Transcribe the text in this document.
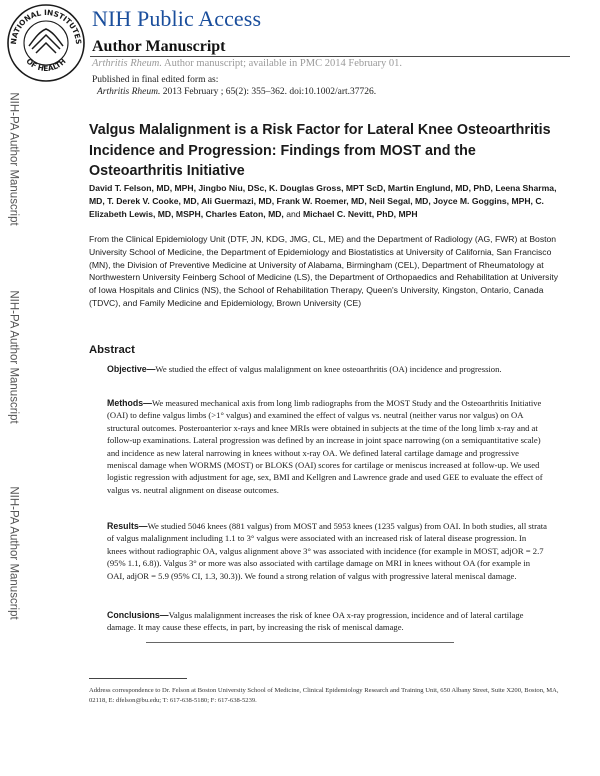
NATIONAL INSTITUTES
OF HEALTH
NIH Public Access
Author Manuscript
Arthritis Rheum. Author manuscript; available in PMC 2014 February 01.
Published in final edited form as:
Arthritis Rheum. 2013 February ; 65(2): 355–362. doi:10.1002/art.37726.
NIH-PA Author Manuscript
NIH-PA Author Manuscript
NIH-PA Author Manuscript
Valgus Malalignment is a Risk Factor for Lateral Knee Osteoarthritis Incidence and Progression: Findings from MOST and the Osteoarthritis Initiative
David T. Felson, MD, MPH, Jingbo Niu, DSc, K. Douglas Gross, MPT ScD, Martin Englund, MD, PhD, Leena Sharma, MD, T. Derek V. Cooke, MD, Ali Guermazi, MD, Frank W. Roemer, MD, Neil Segal, MD, Joyce M. Goggins, MPH, C. Elizabeth Lewis, MD, MSPH, Charles Eaton, MD, and Michael C. Nevitt, PhD, MPH
From the Clinical Epidemiology Unit (DTF, JN, KDG, JMG, CL, ME) and the Department of Radiology (AG, FWR) at Boston University School of Medicine, the Department of Epidemiology and Biostatistics at University of California, San Francisco (MN), the Division of Preventive Medicine at University of Alabama, Birmingham (CEL), Department of Rheumatology at Northwestern University Feinberg School of Medicine (LS), the Department of Orthopaedics and Rehabilitation at University of Iowa Hospitals and Clinics (NS), the School of Rehabilitation Therapy, Queen's University, Kingston, Ontario, Canada (TDVC), and Family Medicine and Epidemiology, Brown University (CE)
Abstract
Objective—We studied the effect of valgus malalignment on knee osteoarthritis (OA) incidence and progression.
Methods—We measured mechanical axis from long limb radiographs from the MOST Study and the Osteoarthritis Initiative (OAI) to define valgus limbs (>1° valgus) and examined the effect of valgus vs. neutral (neither varus nor valgus) on OA structural outcomes. Posteroanterior x-rays and knee MRIs were obtained in subjects at the time of the long limb x-ray and at follow-up examinations. Lateral progression was defined by an increase in joint space narrowing (on a semiquantitative scale) and incidence as new lateral narrowing in knees without x-ray OA. We defined lateral cartilage damage and progressive meniscal damage when WORMS (MOST) or BLOKS (OAI) scores for cartilage or meniscus increased at follow-up. We used logistic regression with adjustment for age, sex, BMI and Kellgren and Lawrence grade and used GEE to evaluate the effect of valgus vs. neutral alignment on disease outcomes.
Results—We studied 5046 knees (881 valgus) from MOST and 5953 knees (1235 valgus) from OAI. In both studies, all strata of valgus malalignment including 1.1 to 3° valgus were associated with an increased risk of lateral disease progression. In knees without radiographic OA, valgus alignment above 3° was associated with incidence (for example in MOST, adjOR = 2.7 (95% 1.1, 6.8)). Valgus 3° or more was also associated with cartilage damage on MRI in knees without OA (for example in OAI, adjOR = 5.9 (95% CI, 1.3, 30.3)). We found a strong relation of valgus with progressive lateral meniscal damage.
Conclusions—Valgus malalignment increases the risk of knee OA x-ray progression, incidence and of lateral cartilage damage. It may cause these effects, in part, by increasing the risk of meniscal damage.
Address correspondence to Dr. Felson at Boston University School of Medicine, Clinical Epidemiology Research and Training Unit, 650 Albany Street, Suite X200, Boston, MA, 02118, E: dfelson@bu.edu; T: 617-638-5180; F: 617-638-5239.
